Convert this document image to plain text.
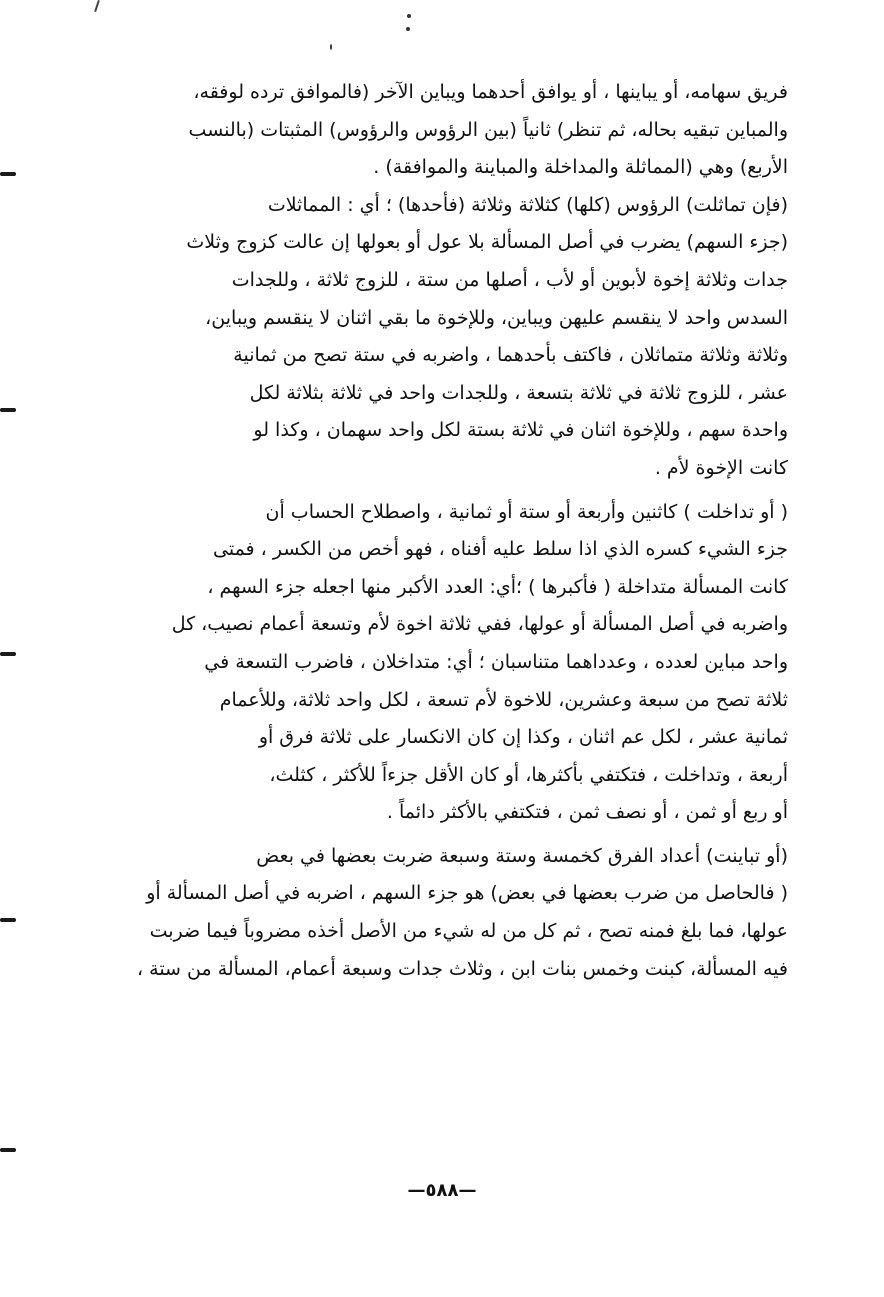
فريق سهامه، أو يباينها ، أو يوافق أحدهما ويباين الآخر (فالموافق ترده لوفقه،
والمباين تبقيه بحاله، ثم تنظر) ثانياً (بين الرؤوس والرؤوس) المثبتات (بالنسب
الأربع) وهي (المماثلة والمداخلة والمباينة والموافقة) .
(فإن تماثلت) الرؤوس (كلها) كثلاثة وثلاثة (فأحدها) ؛ أي : المماثلات
(جزء السهم) يضرب في أصل المسألة بلا عول أو بعولها إن عالت كزوج وثلاث
جدات وثلاثة إخوة لأبوين أو لأب ، أصلها من ستة ، للزوج ثلاثة ، وللجدات
السدس واحد لا ينقسم عليهن ويباين، وللإخوة ما بقي اثنان لا ينقسم ويباين،
وثلاثة وثلاثة متماثلان ، فاكتف بأحدهما ، واضربه في ستة تصح من ثمانية
عشر ، للزوج ثلاثة في ثلاثة بتسعة ، وللجدات واحد في ثلاثة بثلاثة لكل
واحدة سهم ، وللإخوة اثنان في ثلاثة بستة لكل واحد سهمان ، وكذا لو
كانت الإخوة لأم .
( أو تداخلت ) كاثنين وأربعة أو ستة أو ثمانية ، واصطلاح الحساب أن
جزء الشيء كسره الذي اذا سلط عليه أفناه ، فهو أخص من الكسر ، فمتى
كانت المسألة متداخلة ( فأكبرها ) ؛أي: العدد الأكبر منها اجعله جزء السهم ،
واضربه في أصل المسألة أو عولها، ففي ثلاثة اخوة لأم وتسعة أعمام نصيب، كل
واحد مباين لعدده ، وعدداهما متناسبان ؛ أي: متداخلان ، فاضرب التسعة في
ثلاثة تصح من سبعة وعشرين، للاخوة لأم تسعة ، لكل واحد ثلاثة، وللأعمام
ثمانية عشر ، لكل عم اثنان ، وكذا إن كان الانكسار على ثلاثة فرق أو
أربعة ، وتداخلت ، فتكتفي بأكثرها، أو كان الأقل جزءاً للأكثر ، كثلث،
أو ربع أو ثمن ، أو نصف ثمن ، فتكتفي بالأكثر دائماً .
(أو تباينت) أعداد الفرق كخمسة وستة وسبعة ضربت بعضها في بعض
( فالحاصل من ضرب بعضها في بعض) هو جزء السهم ، اضربه في أصل المسألة أو
عولها، فما بلغ فمنه تصح ، ثم كل من له شيء من الأصل أخذه مضروباً فيما ضربت
فيه المسألة، كبنت وخمس بنات ابن ، وثلاث جدات وسبعة أعمام، المسألة من ستة ،
—٥٨٨—
